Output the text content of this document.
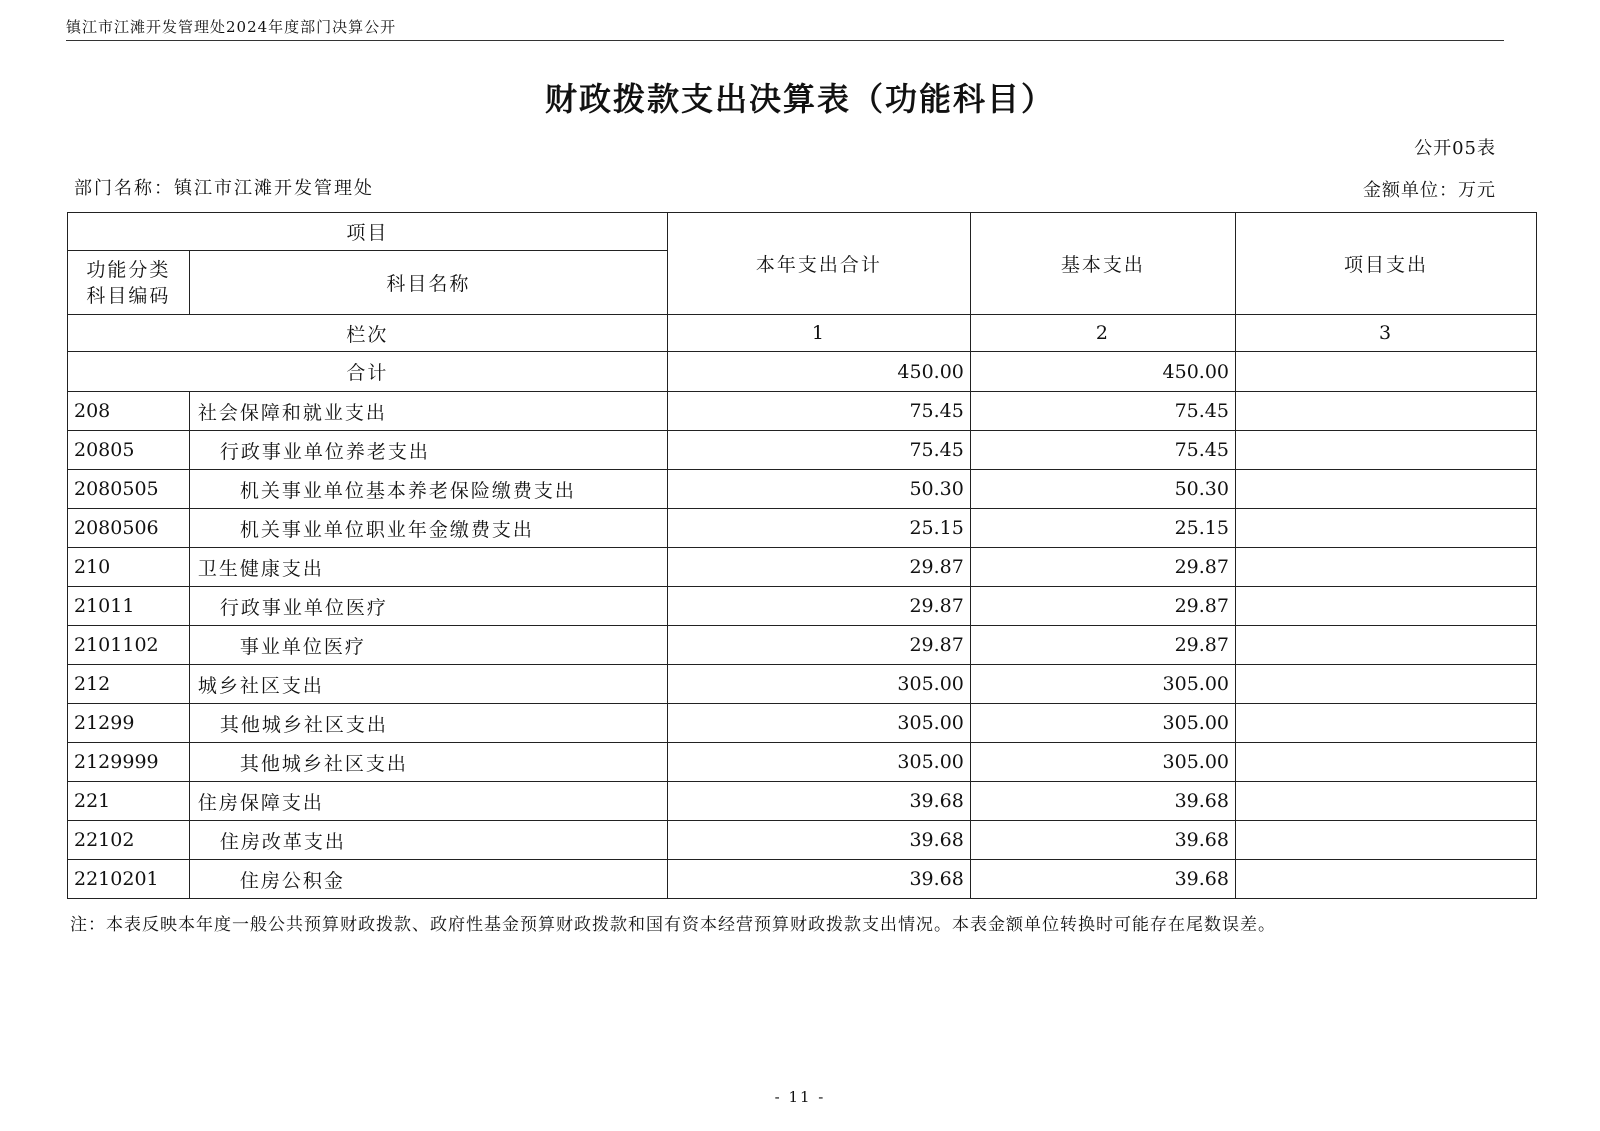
镇江市江滩开发管理处2024年度部门决算公开
财政拨款支出决算表（功能科目）
公开05表
部门名称：镇江市江滩开发管理处	金额单位：万元
项目		本年支出合计	基本支出	项目支出
功能分类科目编码	科目名称			
栏次		1	2	3
合计		450.00	450.00	
208	社会保障和就业支出	75.45	75.45	
20805	行政事业单位养老支出	75.45	75.45	
2080505	机关事业单位基本养老保险缴费支出	50.30	50.30	
2080506	机关事业单位职业年金缴费支出	25.15	25.15	
210	卫生健康支出	29.87	29.87	
21011	行政事业单位医疗	29.87	29.87	
2101102	事业单位医疗	29.87	29.87	
212	城乡社区支出	305.00	305.00	
21299	其他城乡社区支出	305.00	305.00	
2129999	其他城乡社区支出	305.00	305.00	
221	住房保障支出	39.68	39.68	
22102	住房改革支出	39.68	39.68	
2210201	住房公积金	39.68	39.68	
注：本表反映本年度一般公共预算财政拨款、政府性基金预算财政拨款和国有资本经营预算财政拨款支出情况。本表金额单位转换时可能存在尾数误差。
- 11 -
